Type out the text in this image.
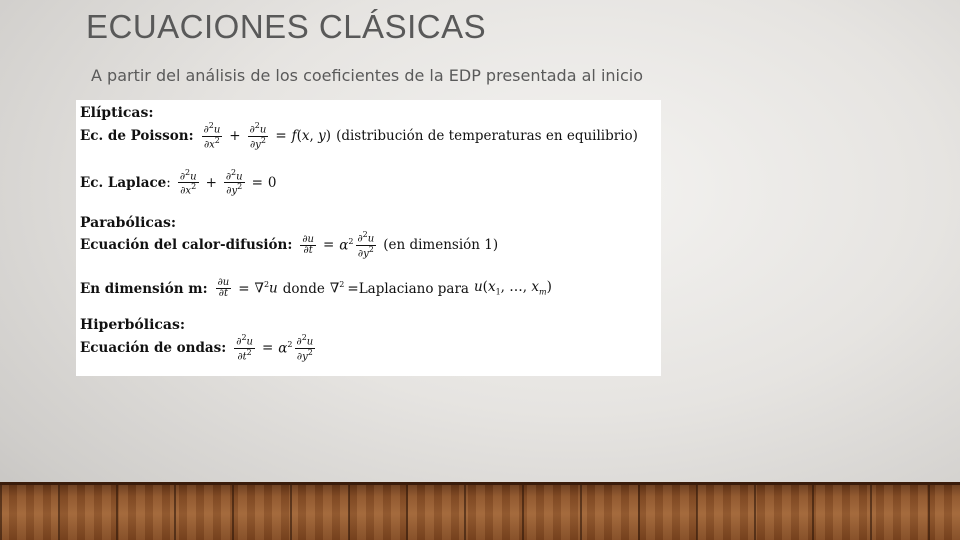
ECUACIONES CLÁSICAS

A partir del análisis de los coeficientes de la EDP presentada al inicio

Elípticas:
Ec. de Poisson: $\frac{\partial^2u}{\partial x^2} + \frac{\partial^2u}{\partial y^2} = f(x$, y) (distribución de temperaturas en equilibrio)
Ec. Laplace : $\frac{\partial^2u}{\partial x^2} + \frac{\partial^2u}{\partial y^2} = 0$
Parabólicas:
Ecuación del calor-difusión: $\frac{\partial u}{\partial t} = \alpha^2 \frac{\partial^2u}{\partial y^2} (en$ dimensión 1)
En dimensión m: $\frac{\partial u}{\partial t} = \nabla^2u$ donde ∇$^2$ =Laplaciano para $u(x_1$, …, $x_m$)
Hiperbólicas:
Ecuación de ondas: $\frac{\partial^2u}{\partial t^2} = \alpha^2 \frac{\partial^2u}{\partial y^2}$
